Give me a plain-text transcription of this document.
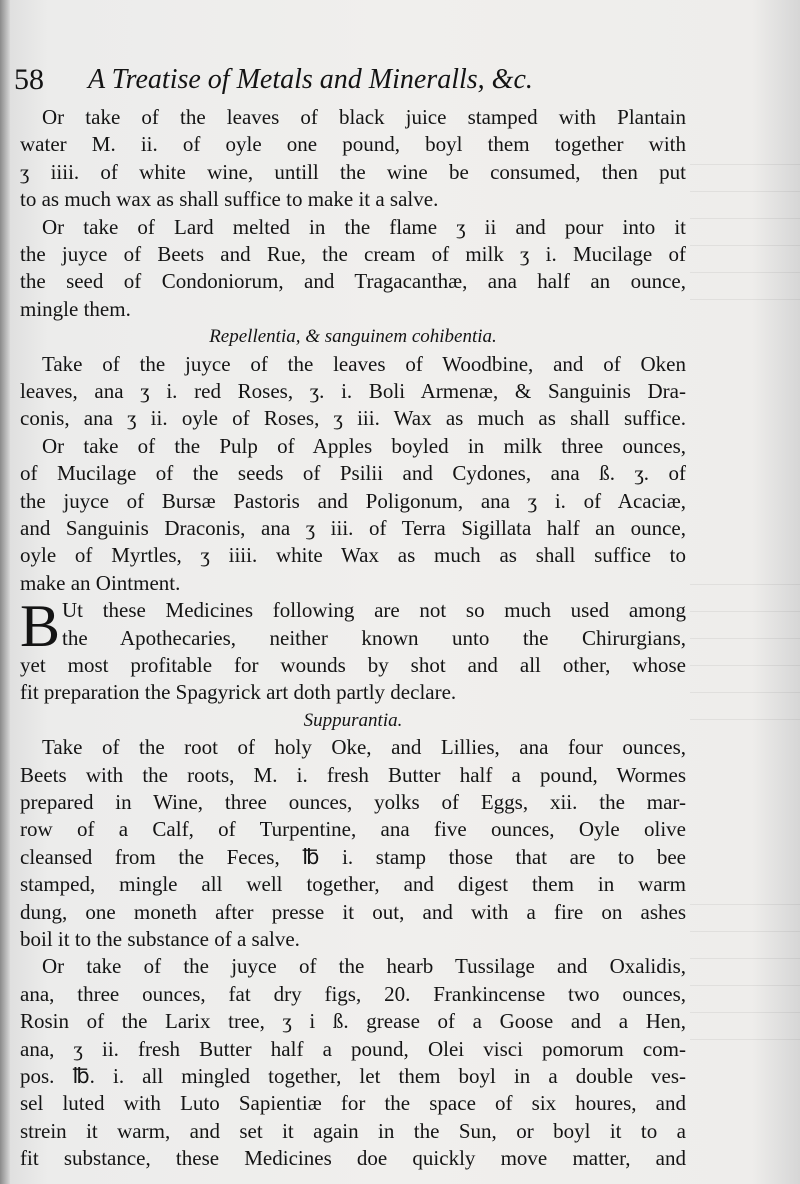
58 A Treatise of Metals and Mineralls, &c.
Or take of the leaves of black juice stamped with Plantain
water M. ii. of oyle one pound, boyl them together with
ʒ iiii. of white wine, untill the wine be consumed, then put
to as much wax as shall suffice to make it a salve.
Or take of Lard melted in the flame ʒ ii and pour into it
the juyce of Beets and Rue, the cream of milk ʒ i. Mucilage of
the seed of Condoniorum, and Tragacanthæ, ana half an ounce,
mingle them.
Repellentia, & sanguinem cohibentia.
Take of the juyce of the leaves of Woodbine, and of Oken
leaves, ana ʒ i. red Roses, ʒ. i. Boli Armenæ, & Sanguinis Dra-
conis, ana ʒ ii. oyle of Roses, ʒ iii. Wax as much as shall suffice.
Or take of the Pulp of Apples boyled in milk three ounces,
of Mucilage of the seeds of Psilii and Cydones, ana ß. ʒ. of
the juyce of Bursæ Pastoris and Poligonum, ana ʒ i. of Acaciæ,
and Sanguinis Draconis, ana ʒ iii. of Terra Sigillata half an ounce,
oyle of Myrtles, ʒ iiii. white Wax as much as shall suffice to
make an Ointment.
Ut these Medicines following are not so much used among
the Apothecaries, neither known unto the Chirurgians,
yet most profitable for wounds by shot and all other, whose
fit preparation the Spagyrick art doth partly declare.
Suppurantia.
Take of the root of holy Oke, and Lillies, ana four ounces,
Beets with the roots, M. i. fresh Butter half a pound, Wormes
prepared in Wine, three ounces, yolks of Eggs, xii. the mar-
row of a Calf, of Turpentine, ana five ounces, Oyle olive
cleansed from the Feces, ℔ i. stamp those that are to bee
stamped, mingle all well together, and digest them in warm
dung, one moneth after presse it out, and with a fire on ashes
boil it to the substance of a salve.
Or take of the juyce of the hearb Tussilage and Oxalidis,
ana, three ounces, fat dry figs, 20. Frankincense two ounces,
Rosin of the Larix tree, ʒ i ß. grease of a Goose and a Hen,
ana, ʒ ii. fresh Butter half a pound, Olei visci pomorum com-
pos. ℔. i. all mingled together, let them boyl in a double ves-
sel luted with Luto Sapientiæ for the space of six houres, and
strein it warm, and set it again in the Sun, or boyl it to a
fit substance, these Medicines doe quickly move matter, and
B
